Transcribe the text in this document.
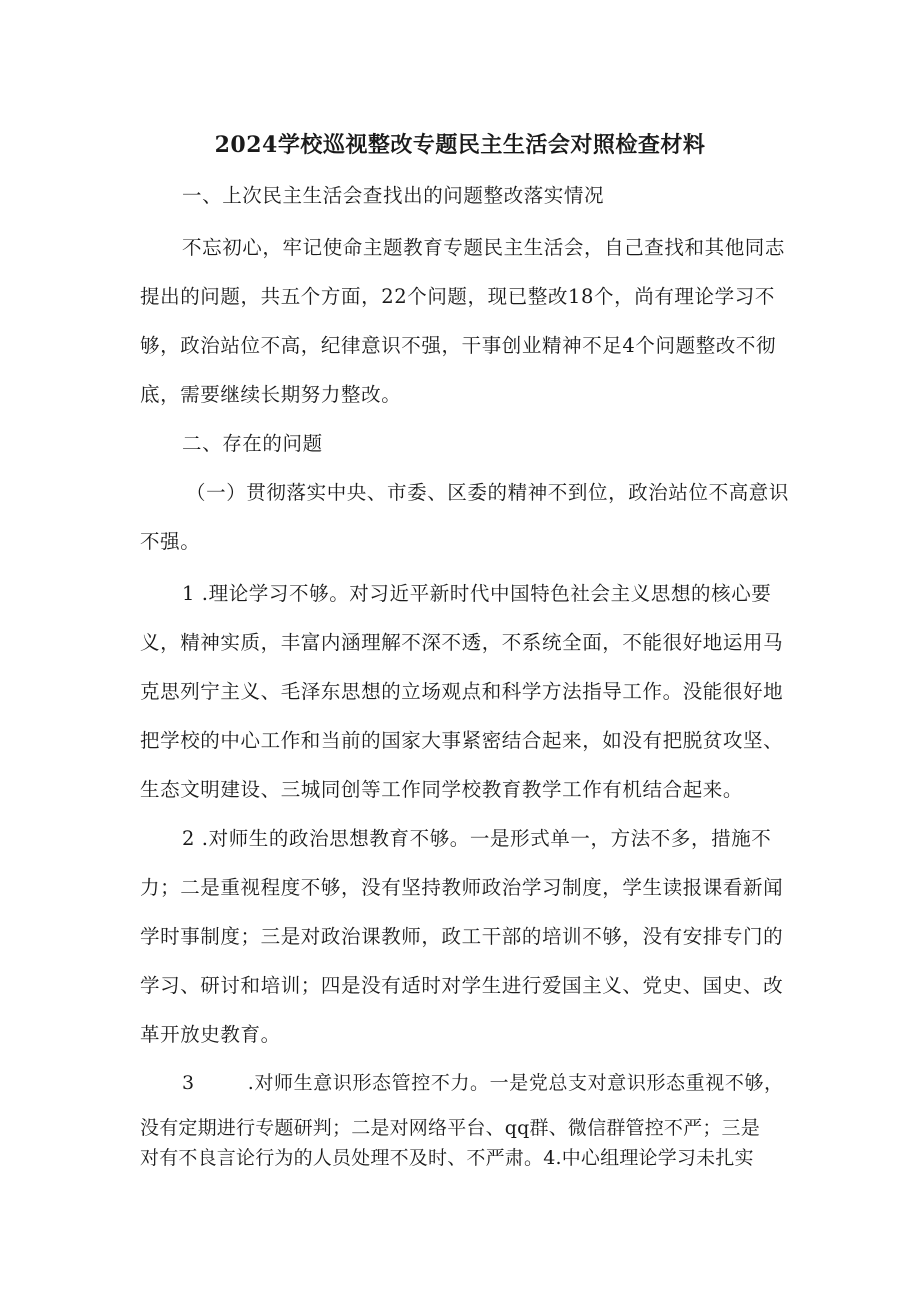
2024学校巡视整改专题民主生活会对照检查材料
一、上次民主生活会查找出的问题整改落实情况
不忘初心，牢记使命主题教育专题民主生活会，自己查找和其他同志
提出的问题，共五个方面，22个问题，现已整改18个，尚有理论学习不
够，政治站位不高，纪律意识不强，干事创业精神不足4个问题整改不彻
底，需要继续长期努力整改。
二、存在的问题
（一）贯彻落实中央、市委、区委的精神不到位，政治站位不高意识
不强。
1 .理论学习不够。对习近平新时代中国特色社会主义思想的核心要
义，精神实质，丰富内涵理解不深不透，不系统全面，不能很好地运用马
克思列宁主义、毛泽东思想的立场观点和科学方法指导工作。没能很好地
把学校的中心工作和当前的国家大事紧密结合起来，如没有把脱贫攻坚、
生态文明建设、三城同创等工作同学校教育教学工作有机结合起来。
2 .对师生的政治思想教育不够。一是形式单一，方法不多，措施不
力；二是重视程度不够，没有坚持教师政治学习制度，学生读报课看新闻
学时事制度；三是对政治课教师，政工干部的培训不够，没有安排专门的
学习、研讨和培训；四是没有适时对学生进行爱国主义、党史、国史、改
革开放史教育。
3        .对师生意识形态管控不力。一是党总支对意识形态重视不够，
没有定期进行专题研判；二是对网络平台、qq群、微信群管控不严；三是
对有不良言论行为的人员处理不及时、不严肃。4.中心组理论学习未扎实
